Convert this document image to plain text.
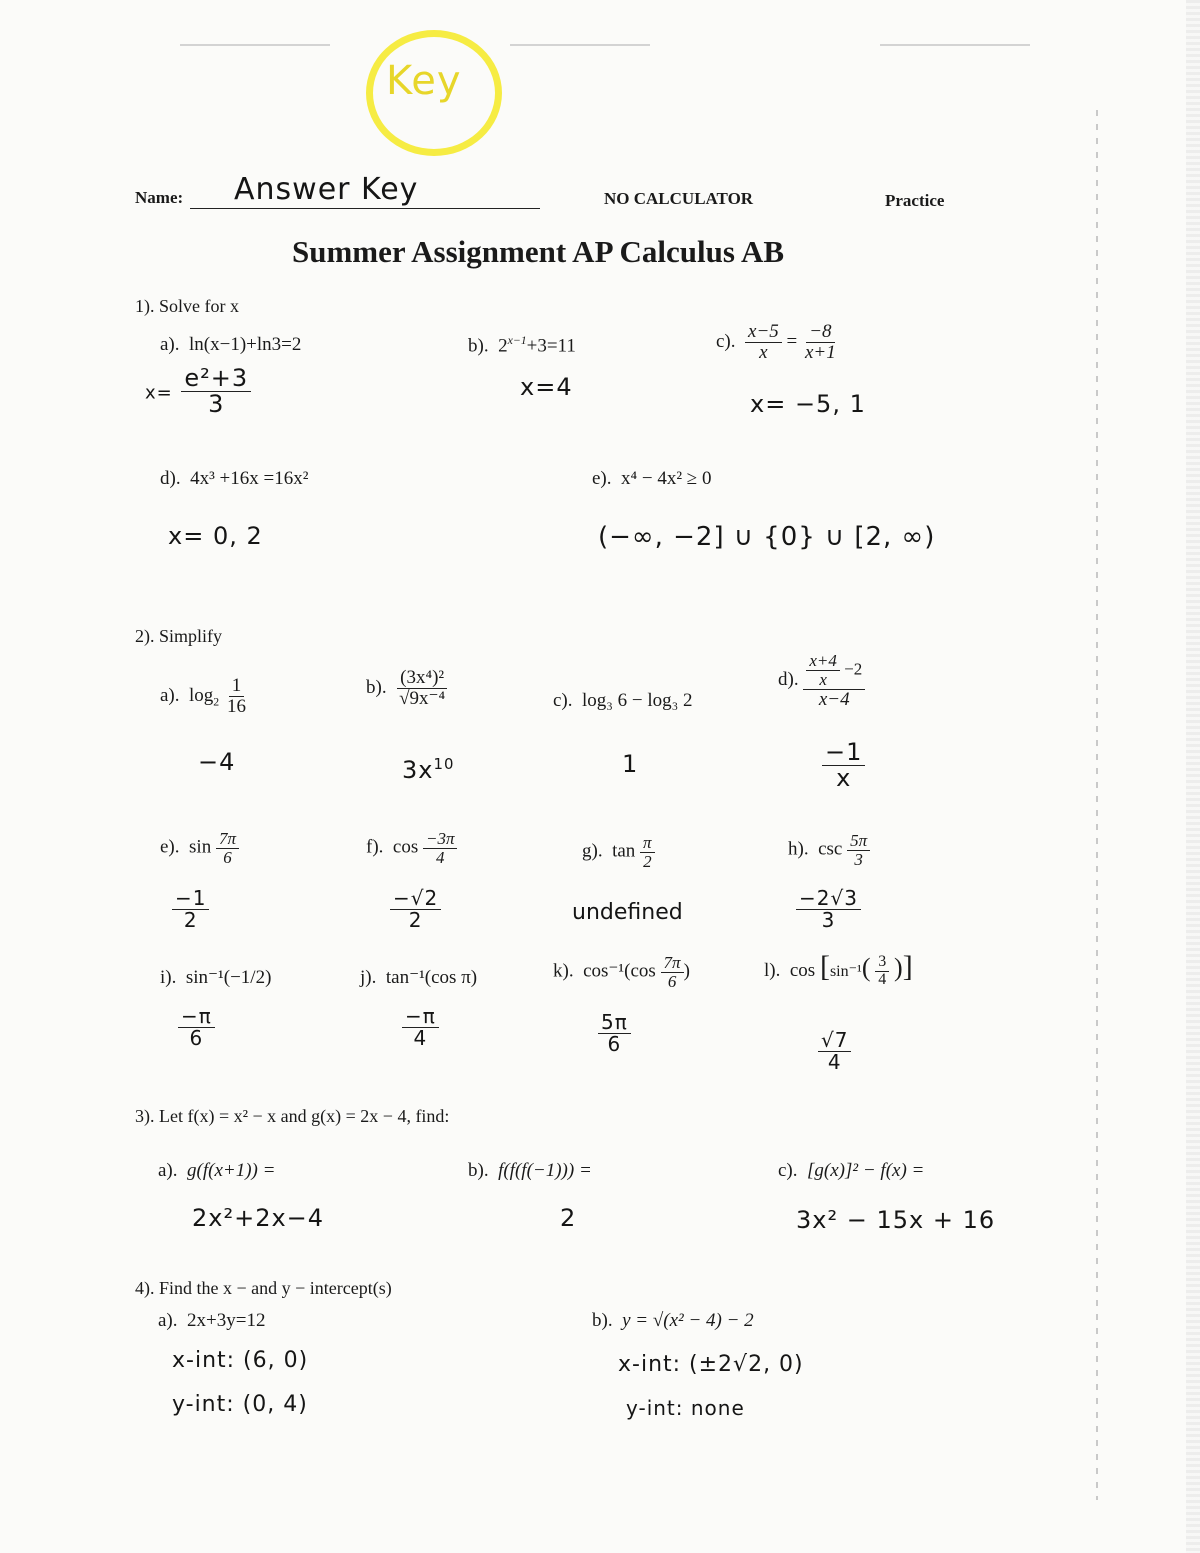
Key
Name: Answer Key	NO CALCULATOR	Practice
Summer Assignment AP Calculus AB
1). Solve for x
a). ln(x−1)+ln3=2
$x= \frac{\text{e²+3}}{3}$
b). $2^{x-1}+3=11$
x=4
c). $\frac{x-5}{x} = \frac{-8}{x+1}$
x= −5, 1
d). 4x³ +16x =16x²
x= 0, 2
e). x⁴ − 4x² ≥ 0
(−∞, −2] ∪ {0} ∪ [2, ∞)
2). Simplify
a). $\log_2 \frac{1}{16}$
−4
b). $\frac{\text{(3x⁴)²}}{\text{√9x⁻⁴}}$
$3x^{10}$
c). log₃ 6 − log₃ 2
1
d). $\frac{\frac{x+4}{x} -2}{x-4}$
$\frac{-1}{x}$
e). $\sin \frac{7\pi}{6}$
$\frac{-1}{2}$
f). $\cos \frac{-3\pi}{4}$
$\frac{-√2}{2}$
g). $\tan \frac{\pi}{2}$
undefined
h). $\csc \frac{5\pi}{3}$
$\frac{-2√3}{3}$
i). sin⁻¹(−1/2)
$\frac{-\pi}{6}$
j). tan⁻¹(cos π)
$\frac{-\pi}{4}$
k). $\cos^{-1}(\cos \frac{7\pi}{6}$ )
$\frac{5\pi}{6}$
l). $\cos [\sin^{-1}( \frac{3}{4}$ )]
$\frac{√7}{4}$
3). Let f(x) = x² − x and g(x) = 2x − 4, find:
a). g(f(x+1)) =
2x²+2x−4
b). f(f(f(−1))) =
2
c). [g(x)]² − f(x) =
3x² − 15x + 16
4). Find the x − and y − intercept(s)
a). 2x+3y=12
x-int: (6, 0)
y-int: (0, 4)
b). y = √(x² − 4) − 2
x-int: (±2√2, 0)
y-int: none
